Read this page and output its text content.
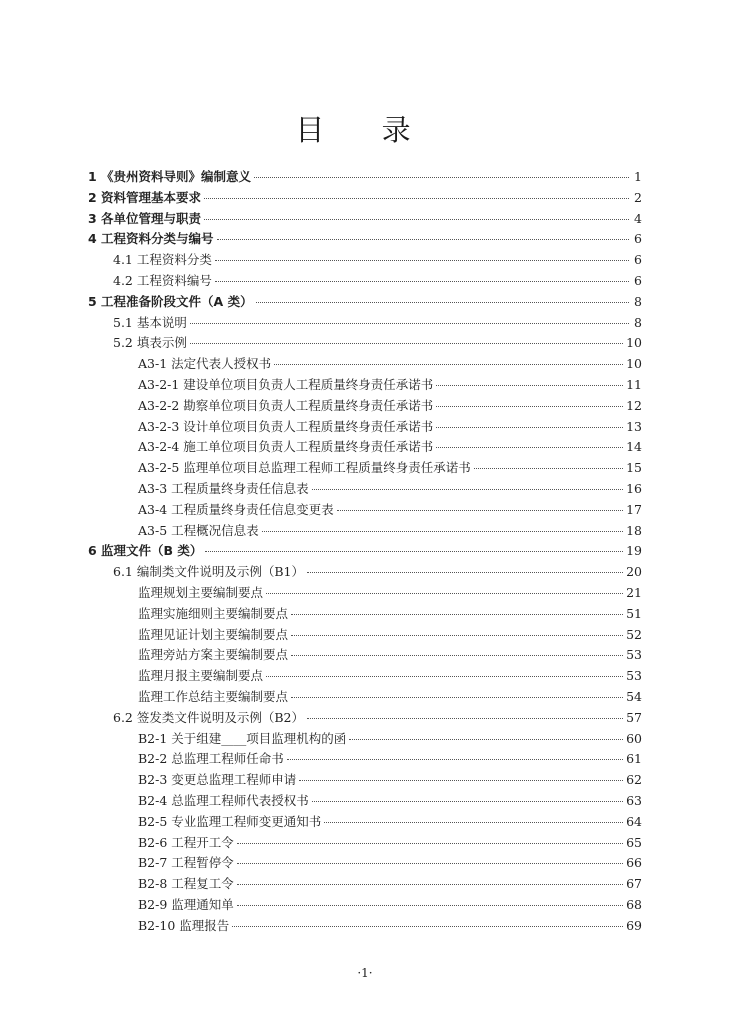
目 录
1 《贵州资料导则》编制意义	1
2 资料管理基本要求	2
3 各单位管理与职责	4
4 工程资料分类与编号	6
4.1 工程资料分类	6
4.2 工程资料编号	6
5 工程准备阶段文件（A 类）	8
5.1 基本说明	8
5.2 填表示例	10
A3-1 法定代表人授权书	10
A3-2-1 建设单位项目负责人工程质量终身责任承诺书	11
A3-2-2 勘察单位项目负责人工程质量终身责任承诺书	12
A3-2-3 设计单位项目负责人工程质量终身责任承诺书	13
A3-2-4 施工单位项目负责人工程质量终身责任承诺书	14
A3-2-5 监理单位项目总监理工程师工程质量终身责任承诺书	15
A3-3 工程质量终身责任信息表	16
A3-4 工程质量终身责任信息变更表	17
A3-5 工程概况信息表	18
6 监理文件（B 类）	19
6.1 编制类文件说明及示例（B1）	20
监理规划主要编制要点	21
监理实施细则主要编制要点	51
监理见证计划主要编制要点	52
监理旁站方案主要编制要点	53
监理月报主要编制要点	53
监理工作总结主要编制要点	54
6.2 签发类文件说明及示例（B2）	57
B2-1 关于组建____项目监理机构的函	60
B2-2 总监理工程师任命书	61
B2-3 变更总监理工程师申请	62
B2-4 总监理工程师代表授权书	63
B2-5 专业监理工程师变更通知书	64
B2-6 工程开工令	65
B2-7 工程暂停令	66
B2-8 工程复工令	67
B2-9 监理通知单	68
B2-10 监理报告	69
·1·
